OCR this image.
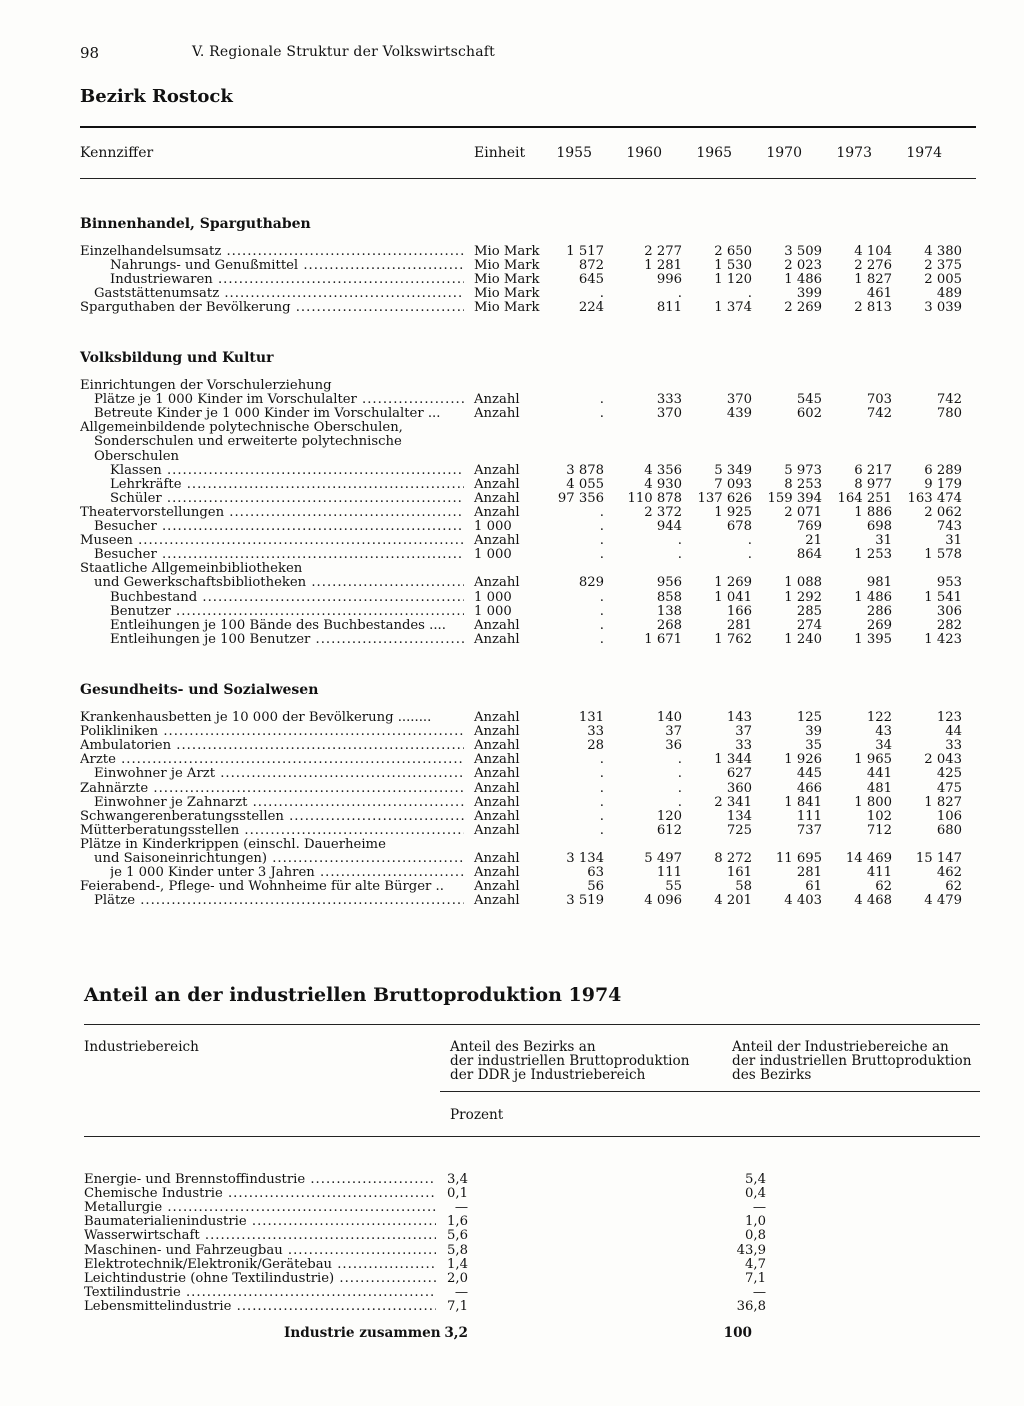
98	V. Regionale Struktur der Volkswirtschaft
Bezirk Rostock
Kennziffer	Einheit	1955	1960	1965	1970	1973	1974
Binnenhandel, Sparguthaben
Einzelhandelsumsatz .....	Mio Mark	1 517	2 277	2 650	3 509	4 104	4 380
Nahrungs- und Genußmittel .....	Mio Mark	872	1 281	1 530	2 023	2 276	2 375
Industriewaren .....	Mio Mark	645	996	1 120	1 486	1 827	2 005
Gaststättenumsatz .....	Mio Mark	.	.	.	399	461	489
Sparguthaben der Bevölkerung .....	Mio Mark	224	811	1 374	2 269	2 813	3 039
Volksbildung und Kultur
Einrichtungen der Vorschulerziehung
Plätze je 1 000 Kinder im Vorschulalter .....	Anzahl	.	333	370	545	703	742
Betreute Kinder je 1 000 Kinder im Vorschulalter ...	Anzahl	.	370	439	602	742	780
Allgemeinbildende polytechnische Oberschulen,
Sonderschulen und erweiterte polytechnische
Oberschulen
Klassen .....	Anzahl	3 878	4 356	5 349	5 973	6 217	6 289
Lehrkräfte .....	Anzahl	4 055	4 930	7 093	8 253	8 977	9 179
Schüler .....	Anzahl	97 356	110 878	137 626	159 394	164 251	163 474
Theatervorstellungen .....	Anzahl	.	2 372	1 925	2 071	1 886	2 062
Besucher .....	1 000	.	944	678	769	698	743
Museen .....	Anzahl	.	.	.	21	31	31
Besucher .....	1 000	.	.	.	864	1 253	1 578
Staatliche Allgemeinbibliotheken
und Gewerkschaftsbibliotheken .....	Anzahl	829	956	1 269	1 088	981	953
Buchbestand .....	1 000	.	858	1 041	1 292	1 486	1 541
Benutzer .....	1 000	.	138	166	285	286	306
Entleihungen je 100 Bände des Buchbestandes ....	Anzahl	.	268	281	274	269	282
Entleihungen je 100 Benutzer .....	Anzahl	.	1 671	1 762	1 240	1 395	1 423
Gesundheits- und Sozialwesen
Krankenhausbetten je 10 000 der Bevölkerung ........	Anzahl	131	140	143	125	122	123
Polikliniken .....	Anzahl	33	37	37	39	43	44
Ambulatorien .....	Anzahl	28	36	33	35	34	33
Ärzte .....	Anzahl	.	.	1 344	1 926	1 965	2 043
Einwohner je Arzt .....	Anzahl	.	.	627	445	441	425
Zahnärzte .....	Anzahl	.	.	360	466	481	475
Einwohner je Zahnarzt .....	Anzahl	.	.	2 341	1 841	1 800	1 827
Schwangerenberatungsstellen .....	Anzahl	.	120	134	111	102	106
Mütterberatungsstellen .....	Anzahl	.	612	725	737	712	680
Plätze in Kinderkrippen (einschl. Dauerheime
und Saisoneinrichtungen) .....	Anzahl	3 134	5 497	8 272	11 695	14 469	15 147
je 1 000 Kinder unter 3 Jahren .....	Anzahl	63	111	161	281	411	462
Feierabend-, Pflege- und Wohnheime für alte Bürger ..	Anzahl	56	55	58	61	62	62
Plätze .....	Anzahl	3 519	4 096	4 201	4 403	4 468	4 479
Anteil an der industriellen Bruttoproduktion 1974
Industriebereich	Anteil des Bezirks an
der industriellen Bruttoproduktion
der DDR je Industriebereich
Anteil der Industriebereiche an
der industriellen Bruttoproduktion
des Bezirks
Prozent
Energie- und Brennstoffindustrie .....	3,4	5,4
Chemische Industrie .....	0,1	0,4
Metallurgie .....	—	—
Baumaterialienindustrie .....	1,6	1,0
Wasserwirtschaft .....	5,6	0,8
Maschinen- und Fahrzeugbau .....	5,8	43,9
Elektrotechnik/Elektronik/Gerätebau .....	1,4	4,7
Leichtindustrie (ohne Textilindustrie) .....	2,0	7,1
Textilindustrie .....	—	—
Lebensmittelindustrie .....	7,1	36,8
Industrie zusammen 3,2	100
